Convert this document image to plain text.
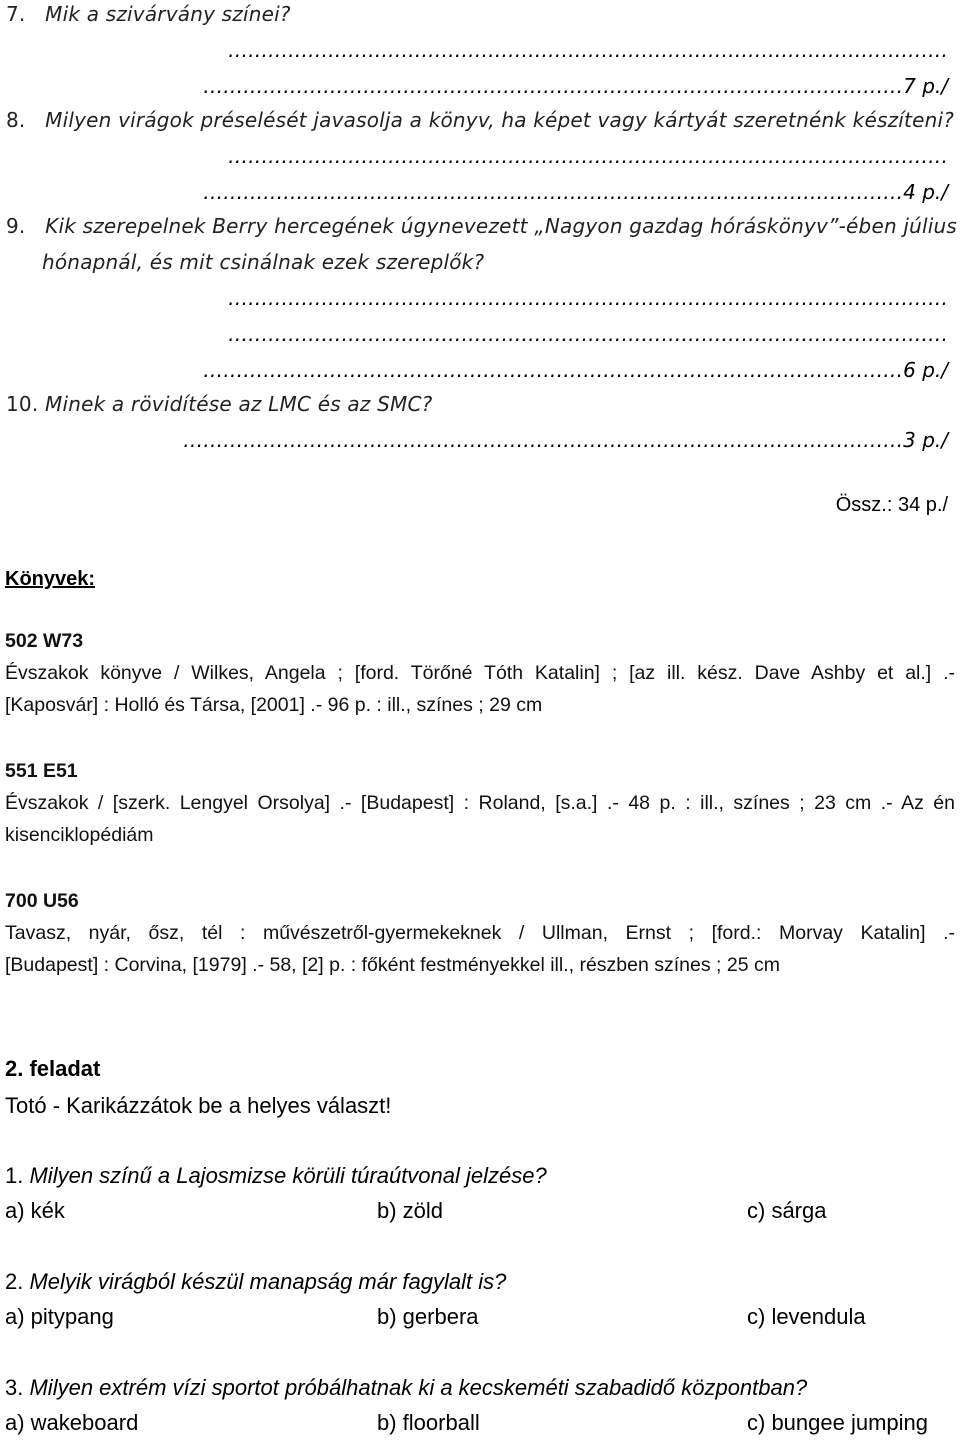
7. Mik a szivárvány színei?
………………………………………………………………………………………………
……………………………………………………………………………………………7 p./
8. Milyen virágok préselését javasolja a könyv, ha képet vagy kártyát szeretnénk készíteni?
………………………………………………………………………………………………
……………………………………………………………………………………………4 p./
9. Kik szerepelnek Berry hercegének úgynevezett „Nagyon gazdag hóráskönyv”-ében július
hónapnál, és mit csinálnak ezek szereplők?
………………………………………………………………………………………………
………………………………………………………………………………………………
……………………………………………………………………………………………6 p./
10. Minek a rövidítése az LMC és az SMC?
………………………………………………………………………………………………3 p./
Össz.: 34 p./
Könyvek:
502 W73
Évszakok könyve / Wilkes, Angela ; [ford. Törőné Tóth Katalin] ; [az ill. kész. Dave Ashby et al.] .-
[Kaposvár] : Holló és Társa, [2001] .- 96 p. : ill., színes ; 29 cm
551 E51
Évszakok / [szerk. Lengyel Orsolya] .- [Budapest] : Roland, [s.a.] .- 48 p. : ill., színes ; 23 cm .- Az én
kisenciklopédiám
700 U56
Tavasz, nyár, ősz, tél : művészetről-gyermekeknek / Ullman, Ernst ; [ford.: Morvay Katalin] .-
[Budapest] : Corvina, [1979] .- 58, [2] p. : főként festményekkel ill., részben színes ; 25 cm
2. feladat
Totó - Karikázzátok be a helyes választ!
1. Milyen színű a Lajosmizse körüli túraútvonal jelzése?
a) kék	b) zöld	c) sárga
2. Melyik virágból készül manapság már fagylalt is?
a) pitypang	b) gerbera	c) levendula
3. Milyen extrém vízi sportot próbálhatnak ki a kecskeméti szabadidő központban?
a) wakeboard	b) floorball	c) bungee jumping
